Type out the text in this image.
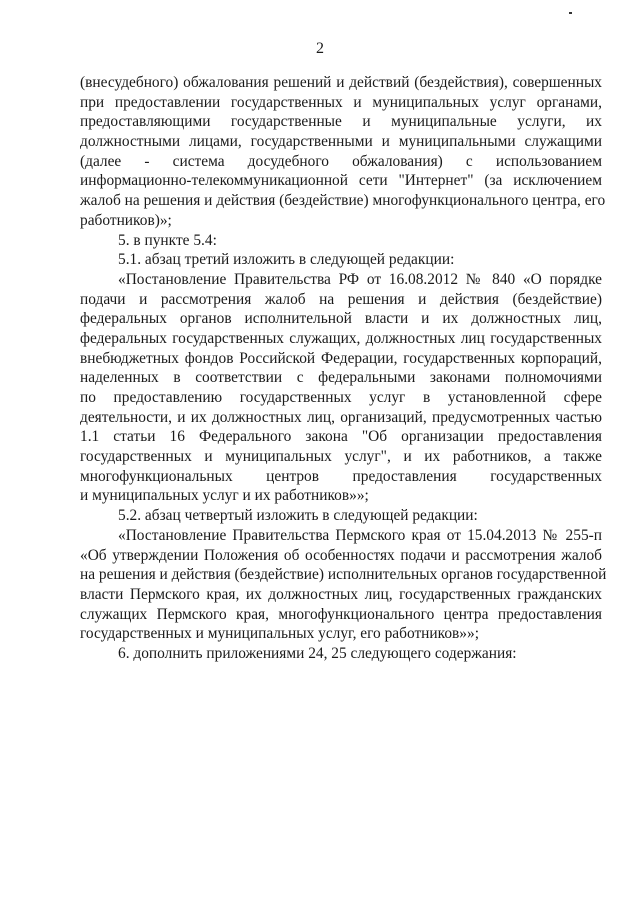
2
(внесудебного) обжалования решений и действий (бездействия), совершенных
при предоставлении государственных и муниципальных услуг органами,
предоставляющими государственные и муниципальные услуги, их
должностными лицами, государственными и муниципальными служащими
(далее - система досудебного обжалования) с использованием
информационно-телекоммуникационной сети "Интернет" (за исключением
жалоб на решения и действия (бездействие) многофункционального центра, его
работников)»;
5. в пункте 5.4:
5.1. абзац третий изложить в следующей редакции:
«Постановление Правительства РФ от 16.08.2012 № 840 «О порядке
подачи и рассмотрения жалоб на решения и действия (бездействие)
федеральных органов исполнительной власти и их должностных лиц,
федеральных государственных служащих, должностных лиц государственных
внебюджетных фондов Российской Федерации, государственных корпораций,
наделенных в соответствии с федеральными законами полномочиями
по предоставлению государственных услуг в установленной сфере
деятельности, и их должностных лиц, организаций, предусмотренных частью
1.1 статьи 16 Федерального закона "Об организации предоставления
государственных и муниципальных услуг", и их работников, а также
многофункциональных центров предоставления государственных
и муниципальных услуг и их работников»»;
5.2. абзац четвертый изложить в следующей редакции:
«Постановление Правительства Пермского края от 15.04.2013 № 255-п
«Об утверждении Положения об особенностях подачи и рассмотрения жалоб
на решения и действия (бездействие) исполнительных органов государственной
власти Пермского края, их должностных лиц, государственных гражданских
служащих Пермского края, многофункционального центра предоставления
государственных и муниципальных услуг, его работников»»;
6. дополнить приложениями 24, 25 следующего содержания:
